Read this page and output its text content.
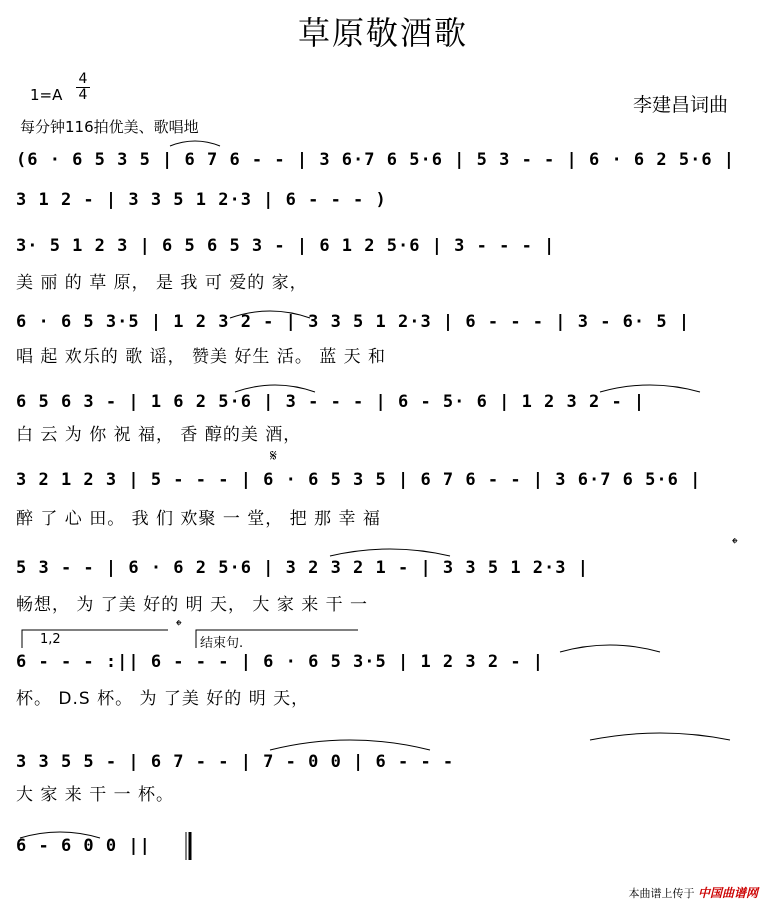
草原敬酒歌
1=A
4
4	李建昌词曲
每分钟116拍优美、歌唱地
1,2	结束句.
𝄌
𝄌
𝄋
(6 · 6 5 3 5 | 6 7 6 - - | 3 6·7 6 5·6 | 5 3 - - | 6 · 6 2 5·6 |
3 1 2 - | 3 3 5 1 2·3 | 6 - - - )
3· 5 1 2 3 | 6 5 6 5 3 - | 6 1 2 5·6 | 3 - - - |
6 · 6 5 3·5 | 1 2 3 2 - | 3 3 5 1 2·3 | 6 - - - | 3 - 6· 5 |
6 5 6 3 - | 1 6 2 5·6 | 3 - - - | 6 - 5· 6 | 1 2 3 2 - |
3 2 1 2 3 | 5 - - - | 6 · 6 5 3 5 | 6 7 6 - - | 3 6·7 6 5·6 |
5 3 - - | 6 · 6 2 5·6 | 3 2 3 2 1 - | 3 3 5 1 2·3 |
6 - - - :|| 6 - - - | 6 · 6 5 3·5 | 1 2 3 2 - |
3 3 5 5 - | 6 7 - - | 7 - 0 0 | 6 - - -
6 - 6 0 0 ||
美 丽 的 草 原， 是 我 可 爱的 家，
唱 起 欢乐的 歌 谣， 赞美 好生 活。 蓝 天 和
白 云 为 你 祝 福， 香 醇的美 酒，
醉 了 心 田。 我 们 欢聚 一 堂， 把 那 幸 福
畅想， 为 了美 好的 明 天， 大 家 来 干 一
杯。 D.S 杯。 为 了美 好的 明 天，
大 家 来 干 一 杯。
本曲谱上传于 中国曲谱网
